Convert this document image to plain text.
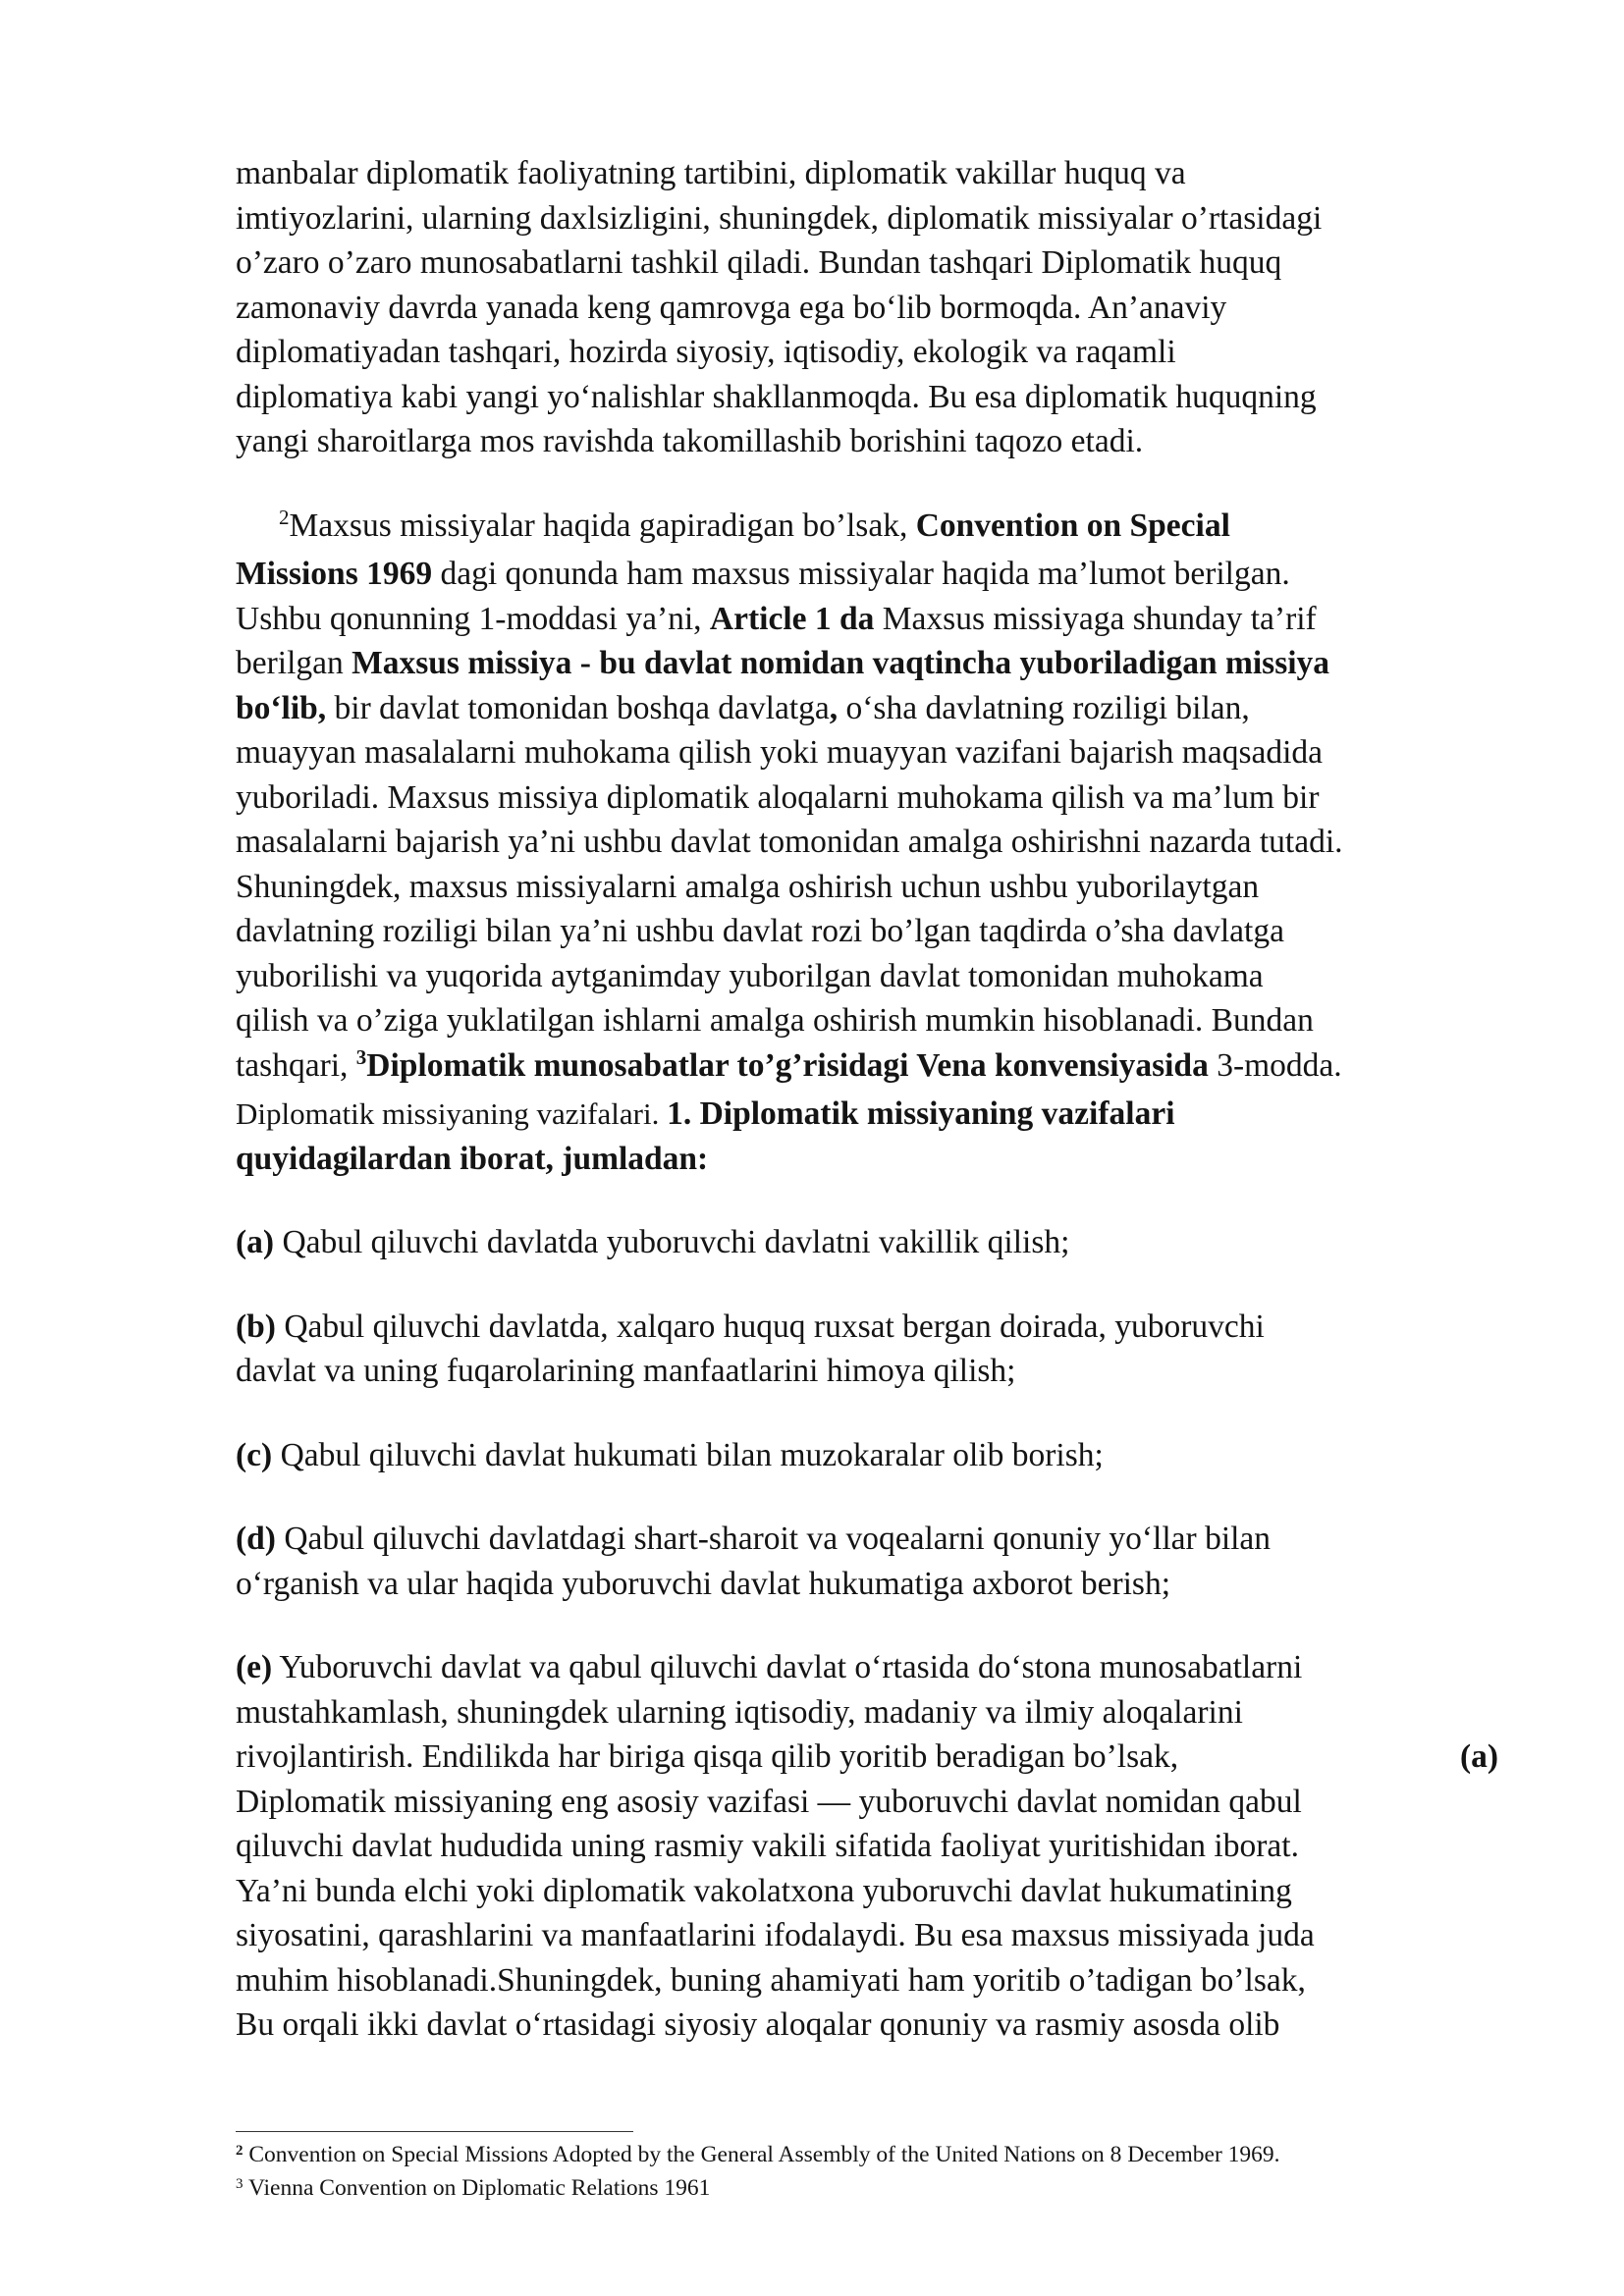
manbalar diplomatik faoliyatning tartibini, diplomatik vakillar huquq va
imtiyozlarini, ularning daxlsizligini, shuningdek, diplomatik missiyalar o’rtasidagi
o’zaro o’zaro munosabatlarni tashkil qiladi. Bundan tashqari Diplomatik huquq
zamonaviy davrda yanada keng qamrovga ega bo‘lib bormoqda. An’anaviy
diplomatiyadan tashqari, hozirda siyosiy, iqtisodiy, ekologik va raqamli
diplomatiya kabi yangi yo‘nalishlar shakllanmoqda. Bu esa diplomatik huquqning
yangi sharoitlarga mos ravishda takomillashib borishini taqozo etadi.
$^2$Maxsus missiyalar haqida gapiradigan bo’lsak, Convention on Special
Missions 1969 dagi qonunda ham maxsus missiyalar haqida ma’lumot berilgan.
Ushbu qonunning 1-moddasi ya’ni, Article 1 da Maxsus missiyaga shunday ta’rif
berilgan Maxsus missiya - bu davlat nomidan vaqtincha yuboriladigan missiya
bo‘lib, bir davlat tomonidan boshqa davlatga, o‘sha davlatning roziligi bilan,
muayyan masalalarni muhokama qilish yoki muayyan vazifani bajarish maqsadida
yuboriladi. Maxsus missiya diplomatik aloqalarni muhokama qilish va ma’lum bir
masalalarni bajarish ya’ni ushbu davlat tomonidan amalga oshirishni nazarda tutadi.
Shuningdek, maxsus missiyalarni amalga oshirish uchun ushbu yuborilaytgan
davlatning roziligi bilan ya’ni ushbu davlat rozi bo’lgan taqdirda o’sha davlatga
yuborilishi va yuqorida aytganimday yuborilgan davlat tomonidan muhokama
qilish va o’ziga yuklatilgan ishlarni amalga oshirish mumkin hisoblanadi. Bundan
tashqari, $^3$Diplomatik munosabatlar to’g’risidagi Vena konvensiyasida 3-modda.
Diplomatik missiyaning vazifalari. 1. Diplomatik missiyaning vazifalari
quyidagilardan iborat, jumladan:
(a) Qabul qiluvchi davlatda yuboruvchi davlatni vakillik qilish;
(b) Qabul qiluvchi davlatda, xalqaro huquq ruxsat bergan doirada, yuboruvchi
davlat va uning fuqarolarining manfaatlarini himoya qilish;
(c) Qabul qiluvchi davlat hukumati bilan muzokaralar olib borish;
(d) Qabul qiluvchi davlatdagi shart-sharoit va voqealarni qonuniy yo‘llar bilan
o‘rganish va ular haqida yuboruvchi davlat hukumatiga axborot berish;
(e) Yuboruvchi davlat va qabul qiluvchi davlat o‘rtasida do‘stona munosabatlarni
mustahkamlash, shuningdek ularning iqtisodiy, madaniy va ilmiy aloqalarini
rivojlantirish. Endilikda har biriga qisqa qilib yoritib beradigan bo’lsak,	(a)
Diplomatik missiyaning eng asosiy vazifasi — yuboruvchi davlat nomidan qabul
qiluvchi davlat hududida uning rasmiy vakili sifatida faoliyat yuritishidan iborat.
Ya’ni bunda elchi yoki diplomatik vakolatxona yuboruvchi davlat hukumatining
siyosatini, qarashlarini va manfaatlarini ifodalaydi. Bu esa maxsus missiyada juda
muhim hisoblanadi.Shuningdek, buning ahamiyati ham yoritib o’tadigan bo’lsak,
Bu orqali ikki davlat o‘rtasidagi siyosiy aloqalar qonuniy va rasmiy asosda olib
$^2$ Convention on Special Missions Adopted by the General Assembly of the United Nations on 8 December 1969.
$^3$ Vienna Convention on Diplomatic Relations 1961
